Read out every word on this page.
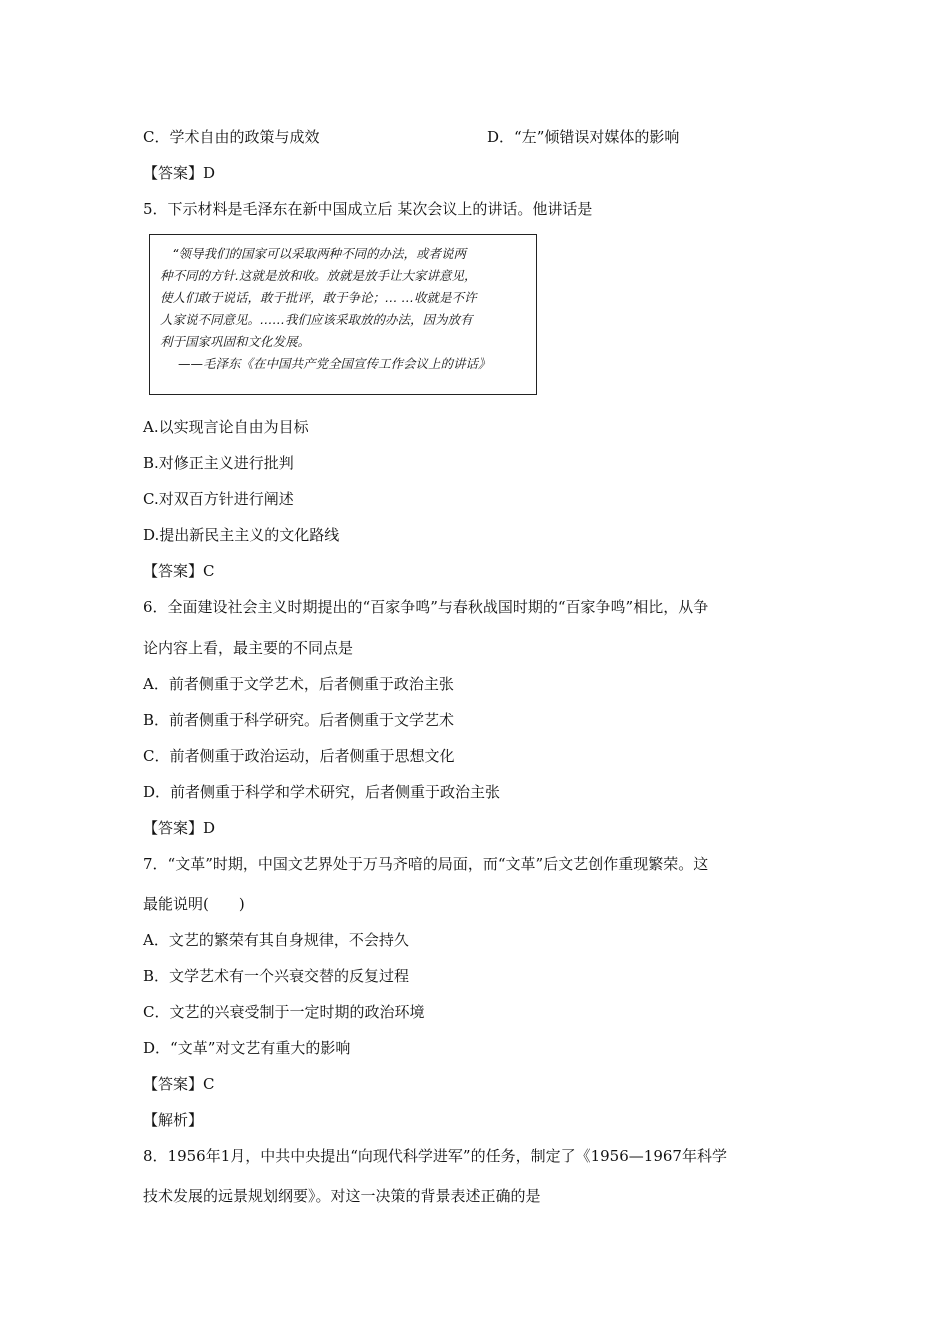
C．学术自由的政策与成效	D．“左”倾错误对媒体的影响
【答案】D
5．下示材料是毛泽东在新中国成立后 某次会议上的讲话。他讲话是

“领导我们的国家可以采取两种不同的办法，或者说两

种不同的方针.这就是放和收。放就是放手让大家讲意见，

使人们敢于说话，敢于批评，敢于争论；… …收就是不许

人家说不同意见。……我们应该采取放的办法，因为放有

利于国家巩固和文化发展。

——毛泽东《在中国共产党全国宣传工作会议上的讲话》

A.以实现言论自由为目标
B.对修正主义进行批判
C.对双百方针进行阐述
D.提出新民主主义的文化路线
【答案】C
6．全面建设社会主义时期提出的“百家争鸣”与春秋战国时期的“百家争鸣”相比，从争
论内容上看，最主要的不同点是
A．前者侧重于文学艺术，后者侧重于政治主张
B．前者侧重于科学研究。后者侧重于文学艺术
C．前者侧重于政治运动，后者侧重于思想文化
D．前者侧重于科学和学术研究，后者侧重于政治主张
【答案】D
7．“文革”时期，中国文艺界处于万马齐喑的局面，而“文革”后文艺创作重现繁荣。这
最能说明(　　)
A．文艺的繁荣有其自身规律，不会持久
B．文学艺术有一个兴衰交替的反复过程
C．文艺的兴衰受制于一定时期的政治环境
D．“文革”对文艺有重大的影响
【答案】C
【解析】
8．1956年1月，中共中央提出“向现代科学进军”的任务，制定了《1956—1967年科学
技术发展的远景规划纲要》。对这一决策的背景表述正确的是
